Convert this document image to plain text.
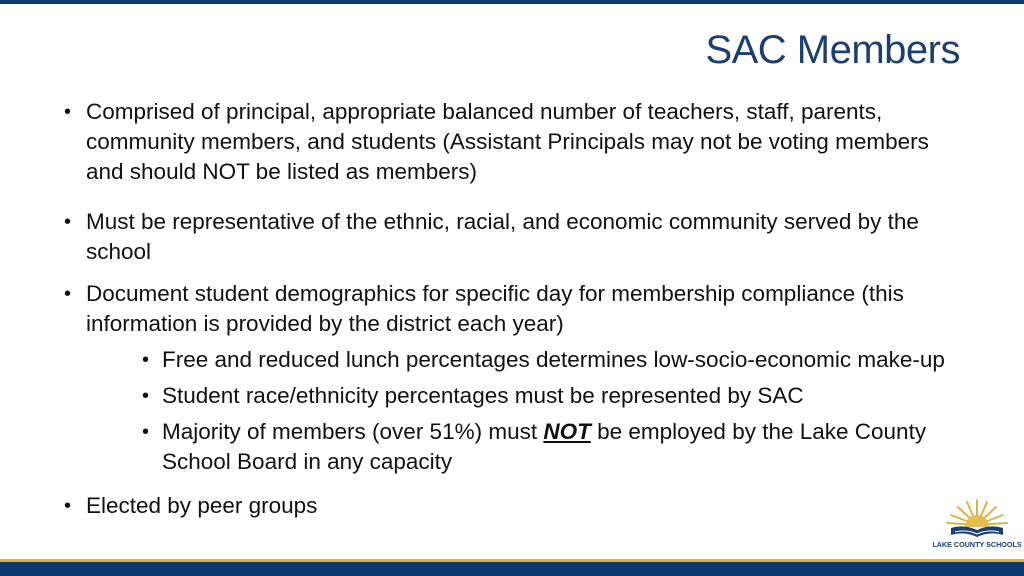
SAC Members
• Comprised of principal, appropriate balanced number of teachers, staff, parents, community members, and students (Assistant Principals may not be voting members and should NOT be listed as members)
• Must be representative of the ethnic, racial, and economic community served by the school
• Document student demographics for specific day for membership compliance (this information is provided by the district each year)
• Free and reduced lunch percentages determines low-socio-economic make-up
• Student race/ethnicity percentages must be represented by SAC
• Majority of members (over 51%) must NOT be employed by the Lake County School Board in any capacity
• Elected by peer groups
LAKE COUNTY SCHOOLS
